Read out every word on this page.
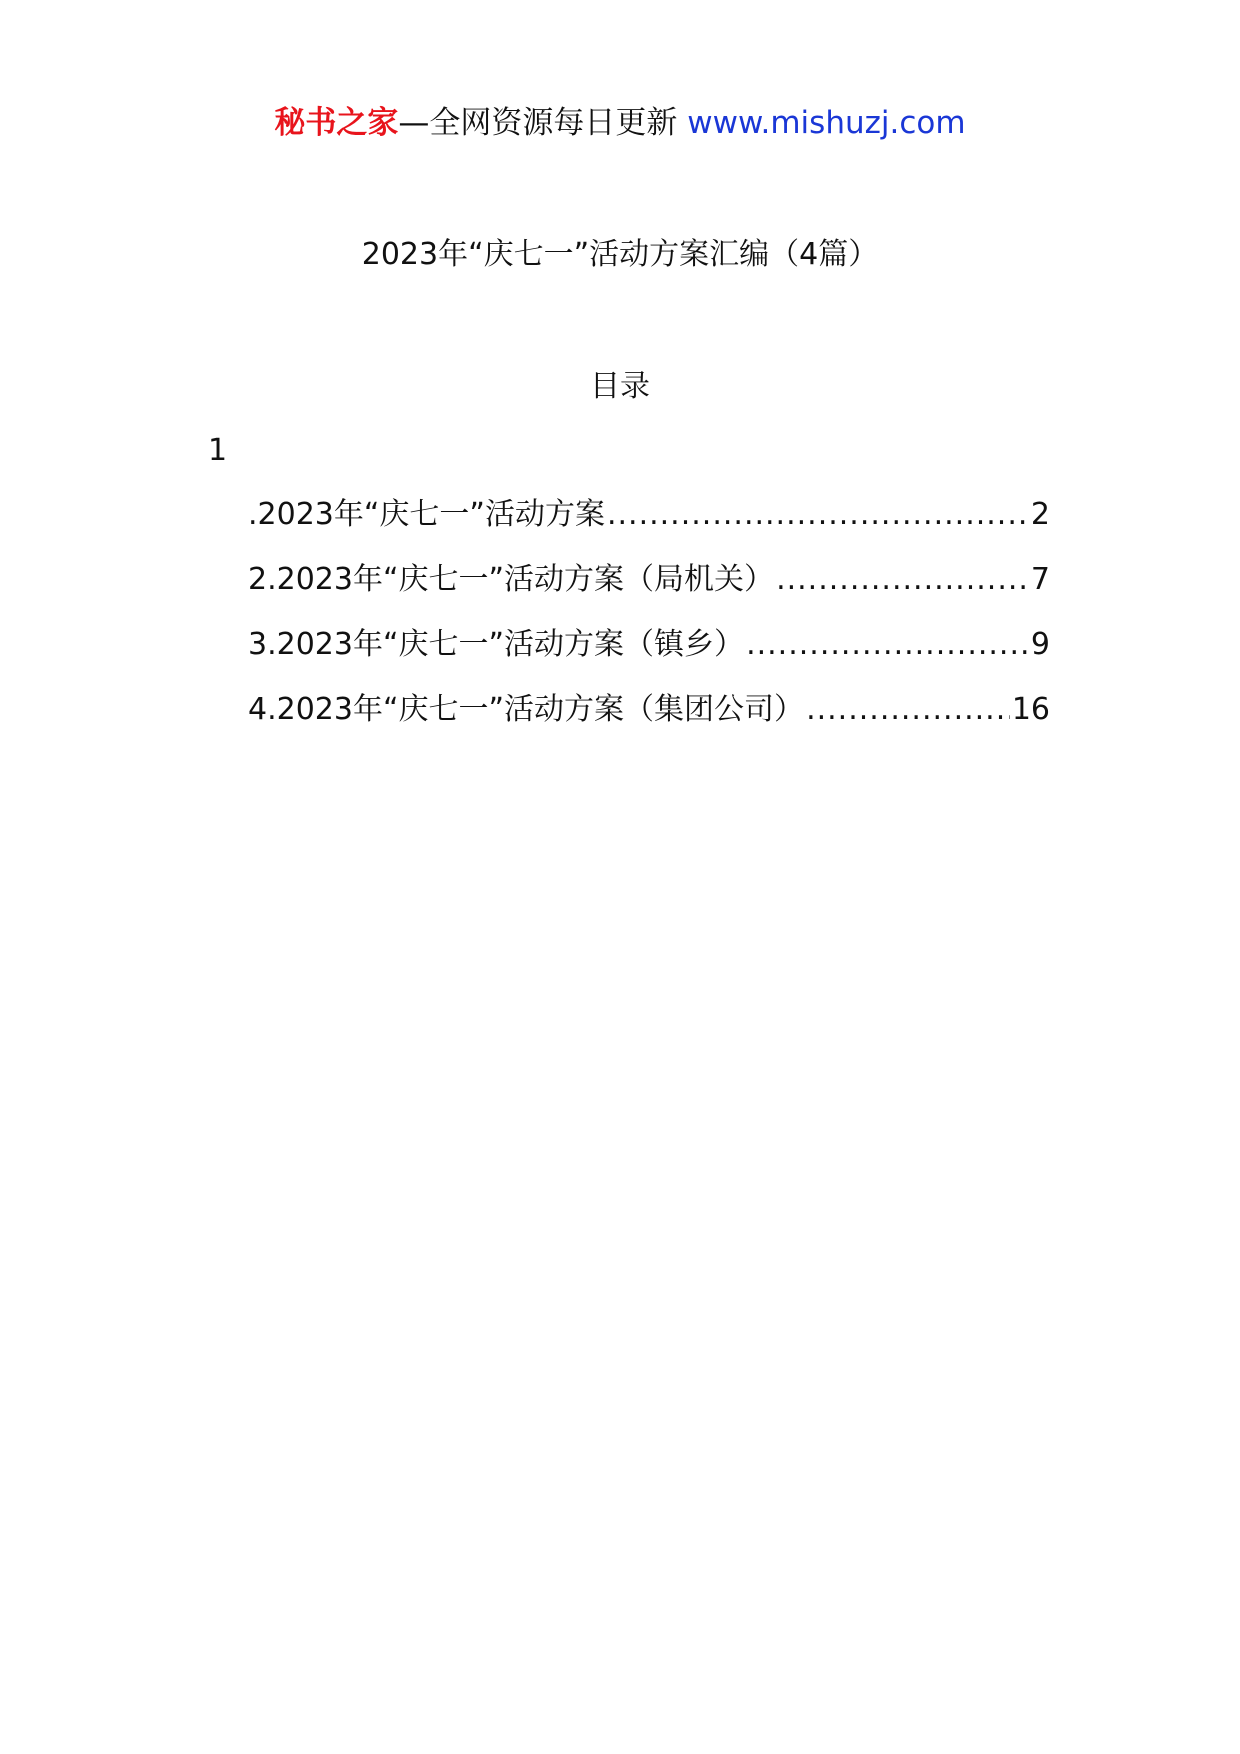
秘书之家—全网资源每日更新 www.mishuzj.com
2023年“庆七一”活动方案汇编（4篇）
目录
1
.2023年“庆七一”活动方案 .....	2
2.2023年“庆七一”活动方案（局机关） .....	7
3.2023年“庆七一”活动方案（镇乡） .....	9
4.2023年“庆七一”活动方案（集团公司） .....	16
